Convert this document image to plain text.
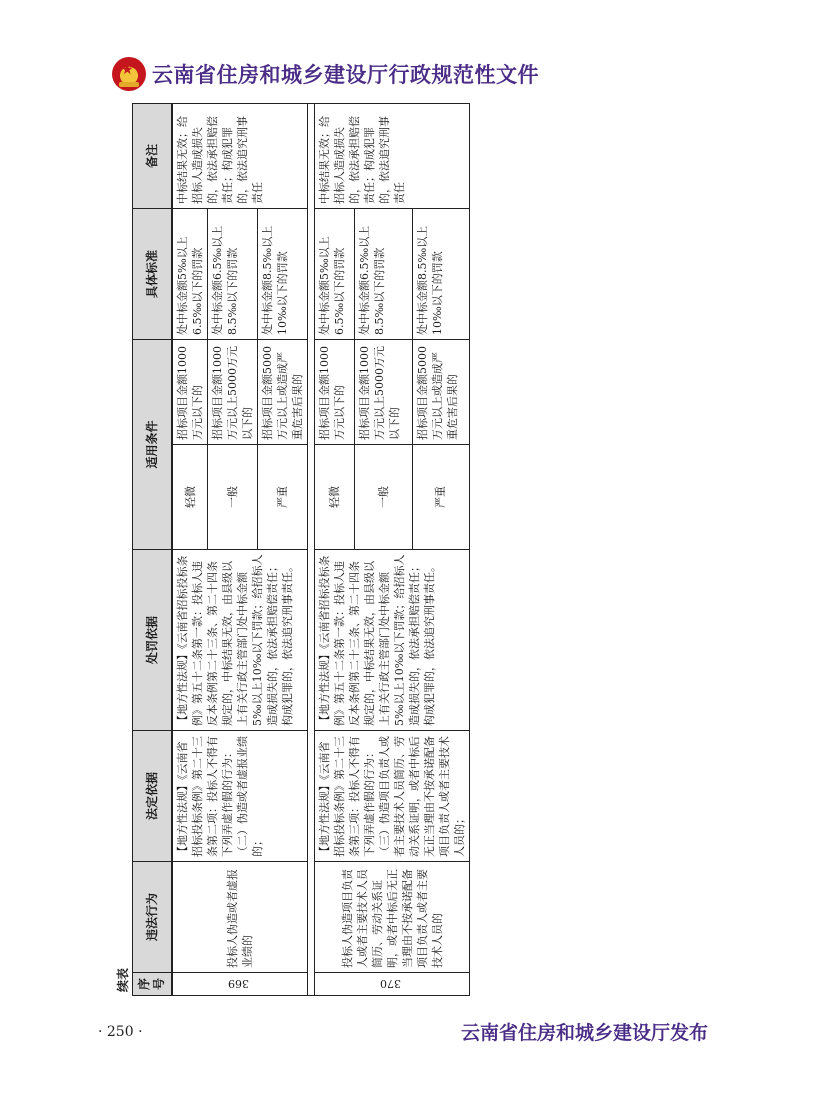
★
云南省住房和城乡建设厅行政规范性文件
续表 序号	违法行为	法定依据	处罚依据	适用条件		具体标准	备注

369	投标人伪造或者虚报业绩的	【地方性法规】《云南省招标投标条例》第二十三条第二项：投标人不得有下列弄虚作假的行为：（二）伪造或者虚报业绩的；	【地方性法规】《云南省招标投标条例》第五十二条第一款：投标人违反本条例第二十三条、第二十四条规定的，中标结果无效，由县级以上有关行政主管部门处中标金额5‰以上10‰以下罚款；给招标人造成损失的，依法承担赔偿责任；构成犯罪的，依法追究刑事责任。	轻微	招标项目金额1000万元以下的	处中标金额5‰以上6.5‰以下的罚款	中标结果无效；给招标人造成损失的，依法承担赔偿责任；构成犯罪的，依法追究刑事责任
				一般	招标项目金额1000万元以上5000万元以下的	处中标金额6.5‰以上8.5‰以下的罚款	
				严重	招标项目金额5000万元以上或造成严重危害后果的	处中标金额8.5‰以上10‰以下的罚款	

370	投标人伪造项目负责人或者主要技术人员简历、劳动关系证明，或者中标后无正当理由不按承诺配备项目负责人或者主要技术人员的	【地方性法规】《云南省招标投标条例》第二十三条第三项：投标人不得有下列弄虚作假的行为：（三）伪造项目负责人或者主要技术人员简历、劳动关系证明，或者中标后无正当理由不按承诺配备项目负责人或者主要技术人员的；	【地方性法规】《云南省招标投标条例》第五十二条第一款：投标人违反本条例第二十三条、第二十四条规定的，中标结果无效，由县级以上有关行政主管部门处中标金额5‰以上10‰以下罚款；给招标人造成损失的，依法承担赔偿责任；构成犯罪的，依法追究刑事责任。	轻微	招标项目金额1000万元以下的	处中标金额5‰以上6.5‰以下的罚款	中标结果无效；给招标人造成损失的，依法承担赔偿责任；构成犯罪的，依法追究刑事责任
				一般	招标项目金额1000万元以上5000万元以下的	处中标金额6.5‰以上8.5‰以下的罚款	
				严重	招标项目金额5000万元以上或造成严重危害后果的	处中标金额8.5‰以上10‰以下的罚款	
· 250 ·	云南省住房和城乡建设厅发布
